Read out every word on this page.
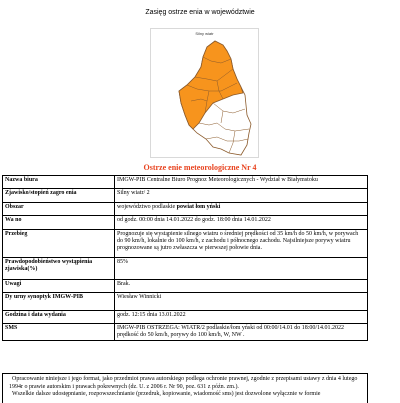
Zasięg ostrze enia w województwie
Silny wiatr
Ostrze enie meteorologiczne Nr 4
Nazwa biura	IMGW-PIB Centralne Biuro Prognoz Meteorologicznych - Wydział w Białymstoku
Zjawisko/stopień zagro enia	Silny wiatr/ 2
Obszar	województwo podlaskie powiat łom yński
Wa no	od godz. 00:00 dnia 14.01.2022 do godz. 18:00 dnia 14.01.2022
Przebieg	Prognozuje się wystąpienie silnego wiatru o średniej prędkości od 35 km/h do 50 km/h, w porywach do 90 km/h, lokalnie do 100 km/h, z zachodu i północnego zachodu. Najsilniejsze porywy wiatru prognozowane są jutro zwłaszcza w pierwszej połowie dnia.
Prawdopodobieństwo wystąpienia zjawiska(%)	85%
Uwagi	Brak.
Dy urny synoptyk IMGW-PIB	Wiesław Winnicki
Godzina i data wydania	godz. 12:15 dnia 13.01.2022
SMS	IMGW-PIB OSTRZEGA: WIATR/2 podlaskie/łom yński od 00:00/14.01 do 18:00/14.01.2022 prędkość do 50 km/h, porywy do 100 km/h, W, NW .

Opracowanie niniejsze i jego format, jako przedmiot prawa autorskiego podlega ochronie prawnej, zgodnie z przepisami ustawy z dnia 4 lutego 1994r o prawie autorskim i prawach pokrewnych (dz. U. z 2006 r. Nr 90, poz. 631 z późn. zm.).

Wszelkie dalsze udostępnianie, rozpowszechnianie (przedruk, kopiowanie, wiadomość sms) jest dozwolone wyłącznie w formie
